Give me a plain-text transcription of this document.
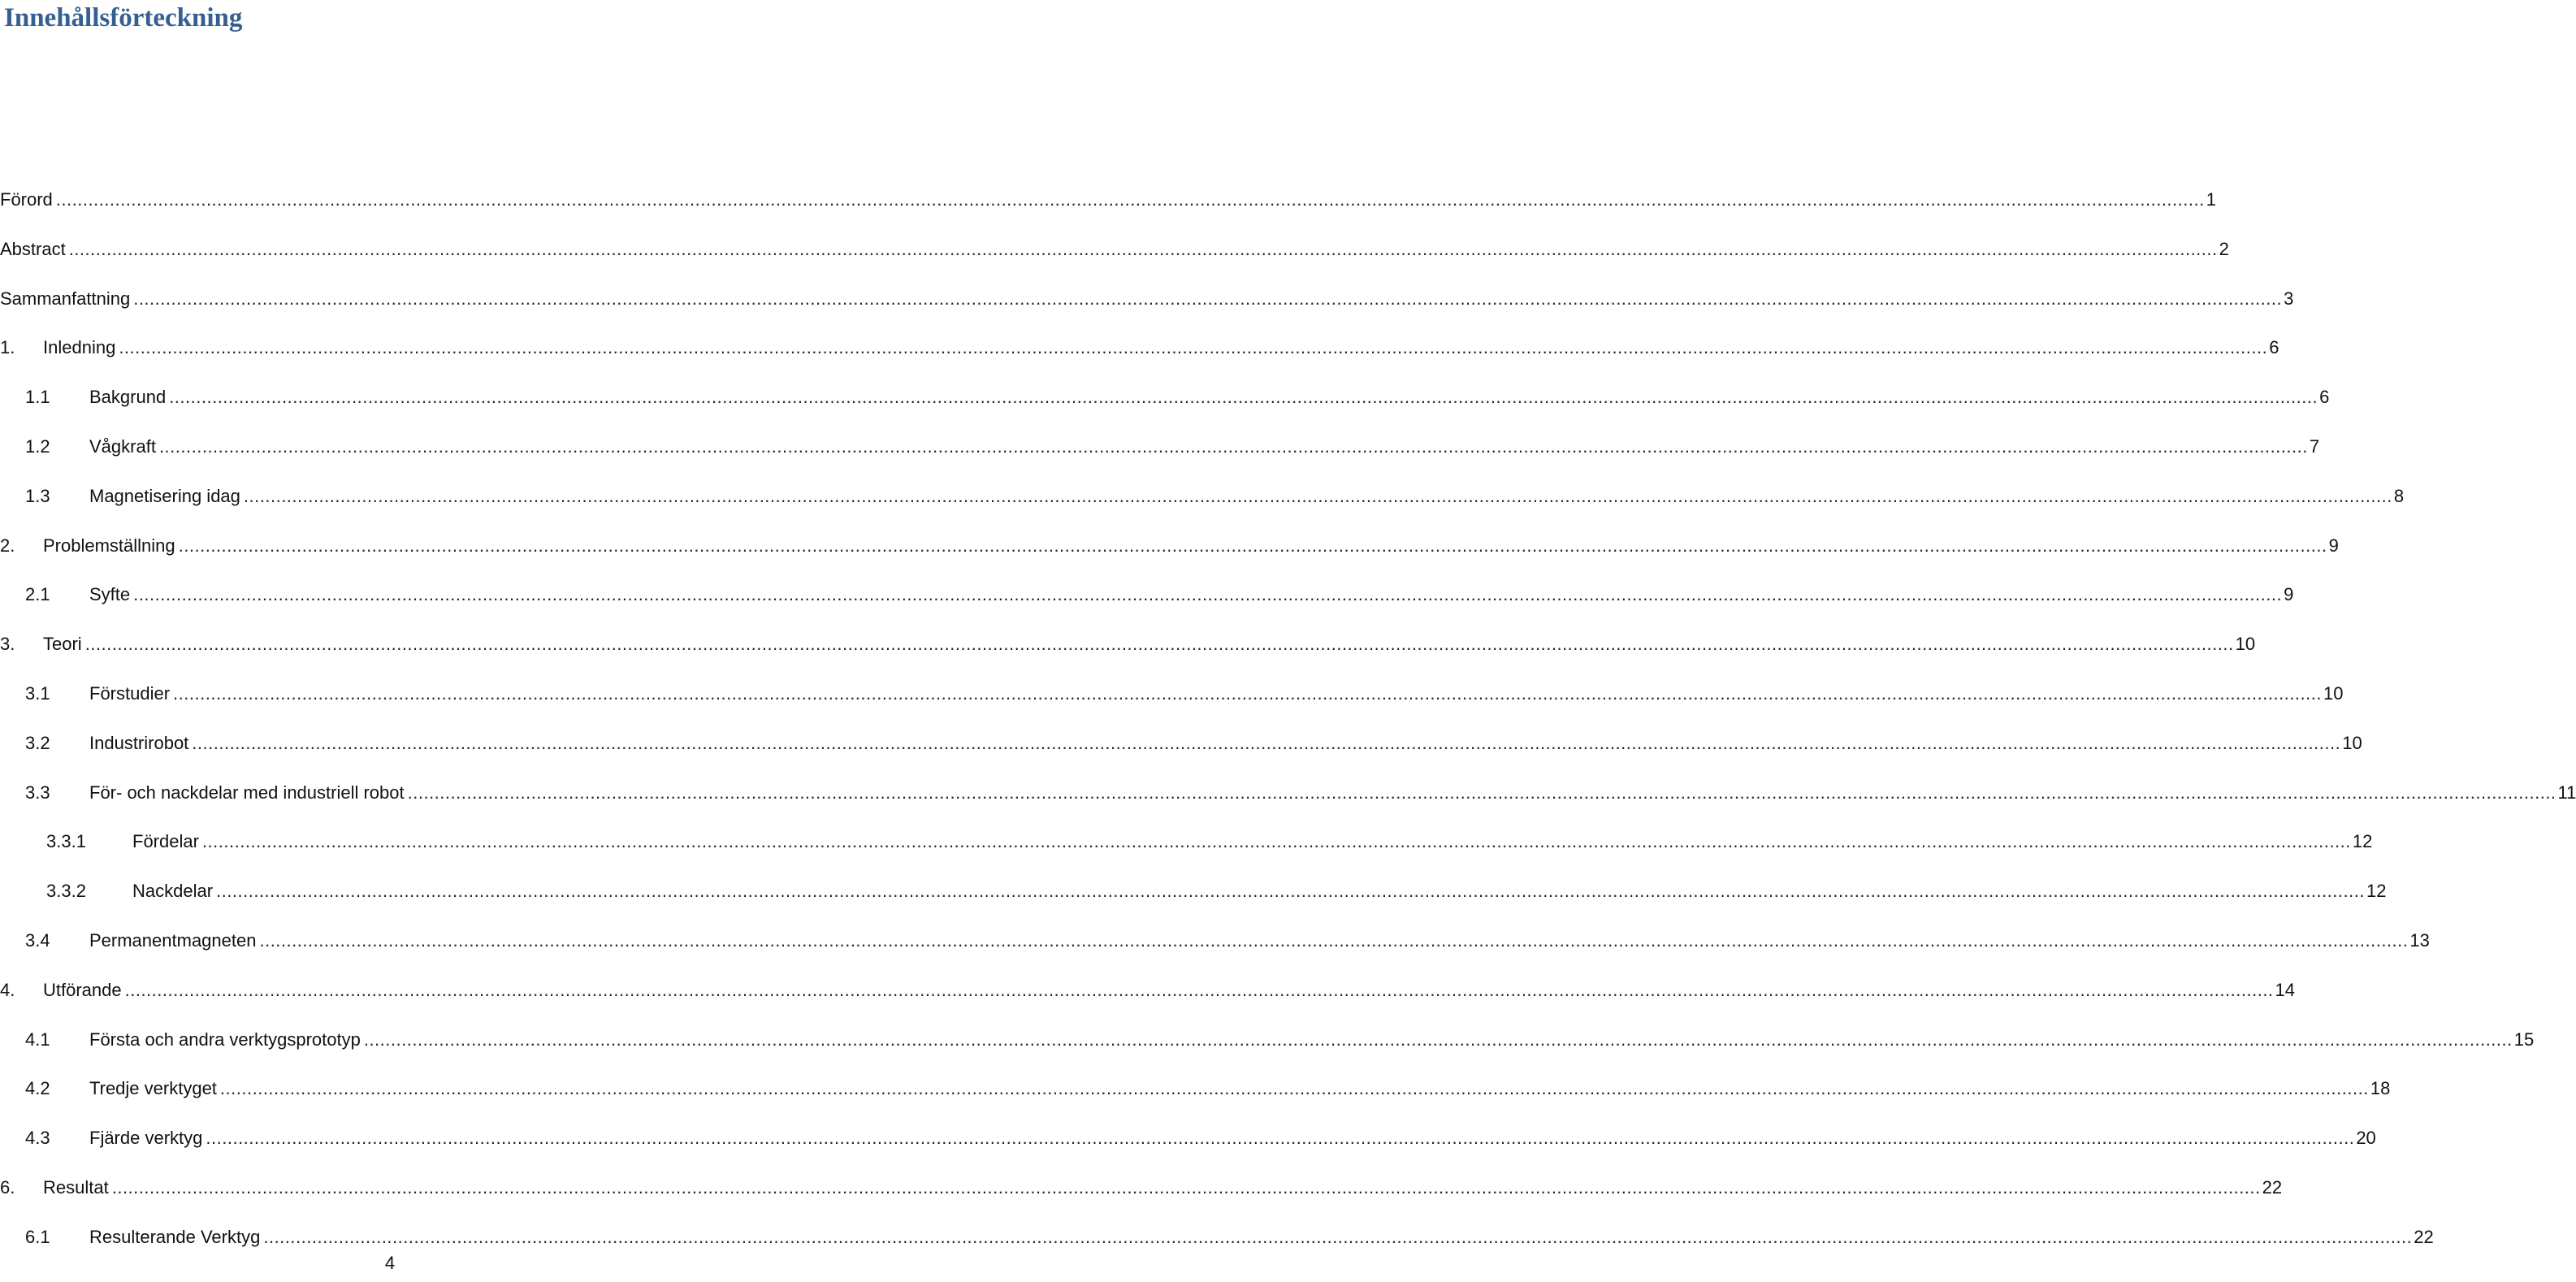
Innehållsförteckning
Förord ................................................................................................................................................................................................................................................................................................................................................................................................................ 1
Abstract ................................................................................................................................................................................................................................................................................................................................................................................................................ 2
Sammanfattning ................................................................................................................................................................................................................................................................................................................................................................................................................ 3
1.	Inledning ................................................................................................................................................................................................................................................................................................................................................................................................................ 6
1.1	Bakgrund ................................................................................................................................................................................................................................................................................................................................................................................................................ 6
1.2	Vågkraft ................................................................................................................................................................................................................................................................................................................................................................................................................ 7
1.3	Magnetisering idag ................................................................................................................................................................................................................................................................................................................................................................................................................ 8
2.	Problemställning ................................................................................................................................................................................................................................................................................................................................................................................................................ 9
2.1	Syfte ................................................................................................................................................................................................................................................................................................................................................................................................................ 9
3.	Teori ................................................................................................................................................................................................................................................................................................................................................................................................................ 10
3.1	Förstudier ................................................................................................................................................................................................................................................................................................................................................................................................................ 10
3.2	Industrirobot ................................................................................................................................................................................................................................................................................................................................................................................................................ 10
3.3	För- och nackdelar med industriell robot ................................................................................................................................................................................................................................................................................................................................................................................................................ 11
3.3.1	Fördelar ................................................................................................................................................................................................................................................................................................................................................................................................................ 12
3.3.2	Nackdelar ................................................................................................................................................................................................................................................................................................................................................................................................................ 12
3.4	Permanentmagneten ................................................................................................................................................................................................................................................................................................................................................................................................................ 13
4.	Utförande ................................................................................................................................................................................................................................................................................................................................................................................................................ 14
4.1	Första och andra verktygsprototyp ................................................................................................................................................................................................................................................................................................................................................................................................................ 15
4.2	Tredje verktyget ................................................................................................................................................................................................................................................................................................................................................................................................................ 18
4.3	Fjärde verktyg ................................................................................................................................................................................................................................................................................................................................................................................................................ 20
6.	Resultat ................................................................................................................................................................................................................................................................................................................................................................................................................ 22
6.1	Resulterande Verktyg ................................................................................................................................................................................................................................................................................................................................................................................................................ 22
4
